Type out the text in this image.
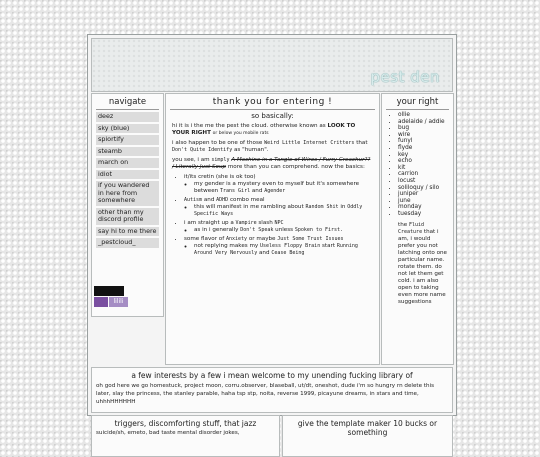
pest den
navigate
deez
sky (blue)
spiortify
steamb
march on
idiot
if you wandered in here from somewhere
other than my discord profile
say hi to me there
_pestcloud_
lilili
thank you for entering !
so basically:

hi it is i the me the pest the cloud. otherwise known as LOOK TO YOUR RIGHT or below you mobile rats

i also happen to be one of those Weird Little Internet Critters that Don't Quite Identify as "human".

you see, i am simply A Machine in a Tangle of Wires / Furry Creachur?? / Literally Just Soup more than you can comprehend. now the basics:

• it/its cretin (she is ok too)
◦ my gender is a mystery even to myself but it's somewhere between Trans Girl and Agender
• Autism and ADHD combo meal
◦ this will manifest in me rambling about Random Shit in Oddly Specific Ways
• i am straight up a Vampire slash NPC
◦ as in i generally Don't Speak unless Spoken to First.
• some flavor of Anxiety or maybe Just Some Trust Issues
◦ not replying makes my Useless Floppy Brain start Running Around Very Nervously and Cease Being
your right
• ollie
• adelaide / addie
• bug
• wire
• funyl
• flyde
• key
• echo
• kit
• carrion
• locust
• soliloquy / silo
• juniper
• june
• monday
• tuesday
the Fluid Creature that i am, i would prefer you not latching onto one particular name. rotate them. do not let them get cold. i am also open to taking even more name suggestions
a few interests by a few i mean welcome to my unending fucking library of
oh god here we go homestuck, project moon, corru.observer, blaseball, ut/dt, oneshot, dude i'm so hungry rn delete this later, slay the princess, the stanley parable, haha tsp stp, noita, reverse 1999, picayune dreams, in stars and time, uhhhHHHHHH
triggers, discomforting stuff, that jazz
suicide/sh, emeto, bad taste mental disorder jokes,
give the template maker 10 bucks or something
